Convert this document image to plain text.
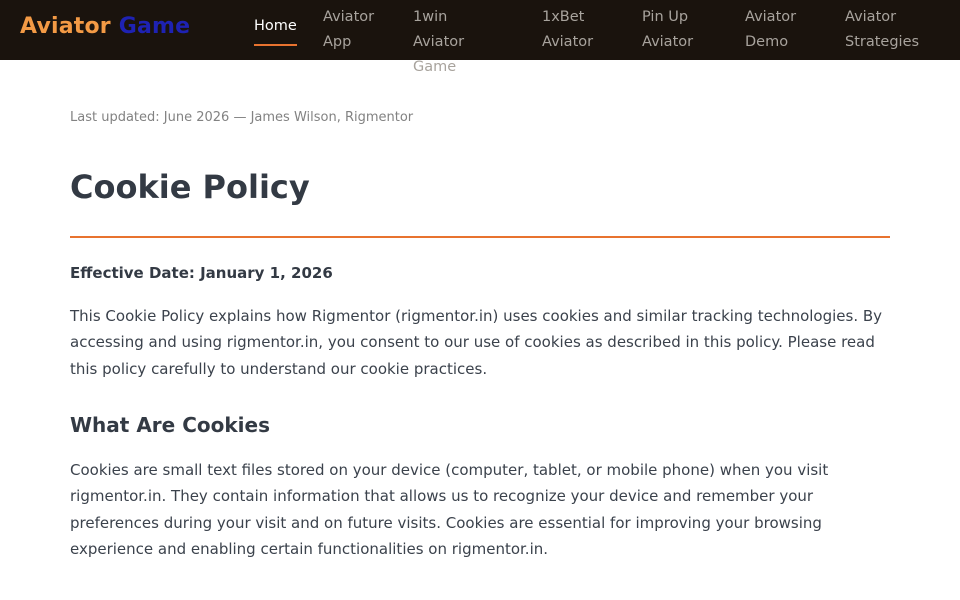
Aviator Game	Home
Aviator
App
1win Aviator
Game
1xBet
Aviator
Pin Up
Aviator
Aviator
Demo
Aviator
Strategies
Last updated: June 2026 — James Wilson, Rigmentor
Cookie Policy
Effective Date: January 1, 2026

This Cookie Policy explains how Rigmentor (rigmentor.in) uses cookies and similar tracking technologies. By accessing and using rigmentor.in, you consent to our use of cookies as described in this policy. Please read this policy carefully to understand our cookie practices.

What Are Cookies

Cookies are small text files stored on your device (computer, tablet, or mobile phone) when you visit rigmentor.in. They contain information that allows us to recognize your device and remember your preferences during your visit and on future visits. Cookies are essential for improving your browsing experience and enabling certain functionalities on rigmentor.in.
